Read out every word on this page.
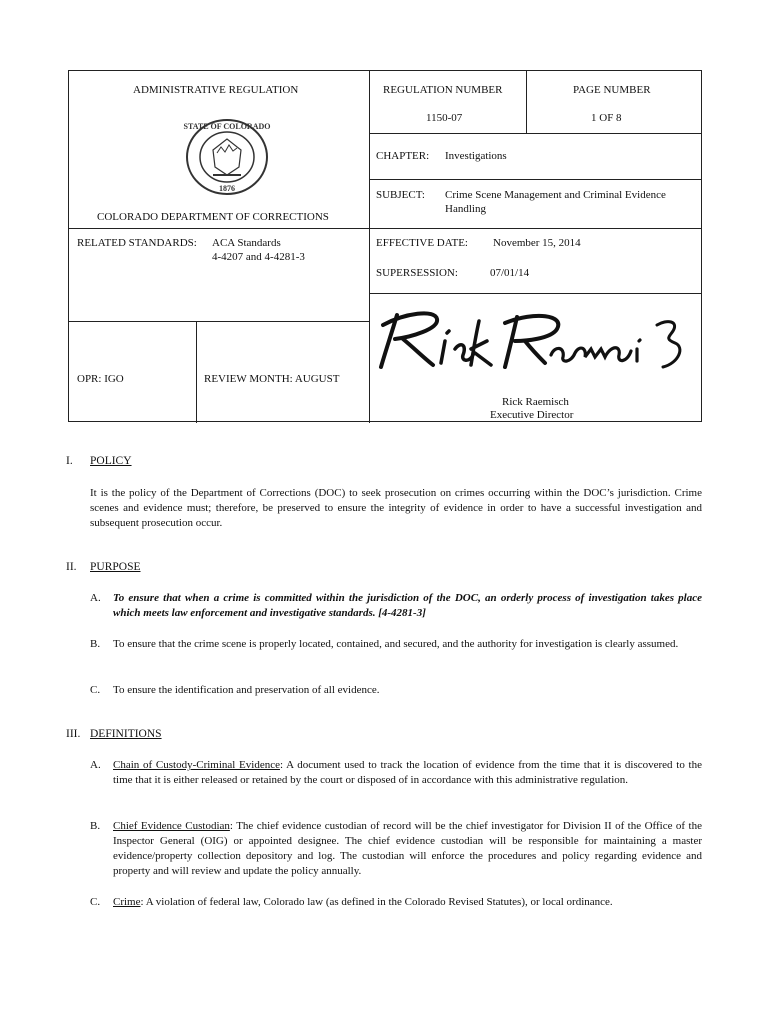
ADMINISTRATIVE REGULATION	REGULATION NUMBER	PAGE NUMBER
1150-07	1 OF 8
STATE OF COLORADO
1876
CHAPTER: Investigations
SUBJECT: Crime Scene Management and Criminal Evidence Handling
COLORADO DEPARTMENT OF CORRECTIONS
RELATED STANDARDS: ACA Standards
4-4207 and 4-4281-3
EFFECTIVE DATE: November 15, 2014
SUPERSESSION:	07/01/14
OPR: IGO	REVIEW MONTH: AUGUST
Rick Raemisch
Executive Director
I. POLICY
It is the policy of the Department of Corrections (DOC) to seek prosecution on crimes occurring within the DOC’s jurisdiction. Crime scenes and evidence must; therefore, be preserved to ensure the integrity of evidence in order to have a successful investigation and subsequent prosecution occur.
II. PURPOSE
A. To ensure that when a crime is committed within the jurisdiction of the DOC, an orderly process of investigation takes place which meets law enforcement and investigative standards. [4-4281-3]
B. To ensure that the crime scene is properly located, contained, and secured, and the authority for investigation is clearly assumed.
C. To ensure the identification and preservation of all evidence.
III. DEFINITIONS
A. Chain of Custody-Criminal Evidence: A document used to track the location of evidence from the time that it is discovered to the time that it is either released or retained by the court or disposed of in accordance with this administrative regulation.
B. Chief Evidence Custodian: The chief evidence custodian of record will be the chief investigator for Division II of the Office of the Inspector General (OIG) or appointed designee. The chief evidence custodian will be responsible for maintaining a master evidence/property collection depository and log. The custodian will enforce the procedures and policy regarding evidence and property and will review and update the policy annually.
C. Crime: A violation of federal law, Colorado law (as defined in the Colorado Revised Statutes), or local ordinance.
